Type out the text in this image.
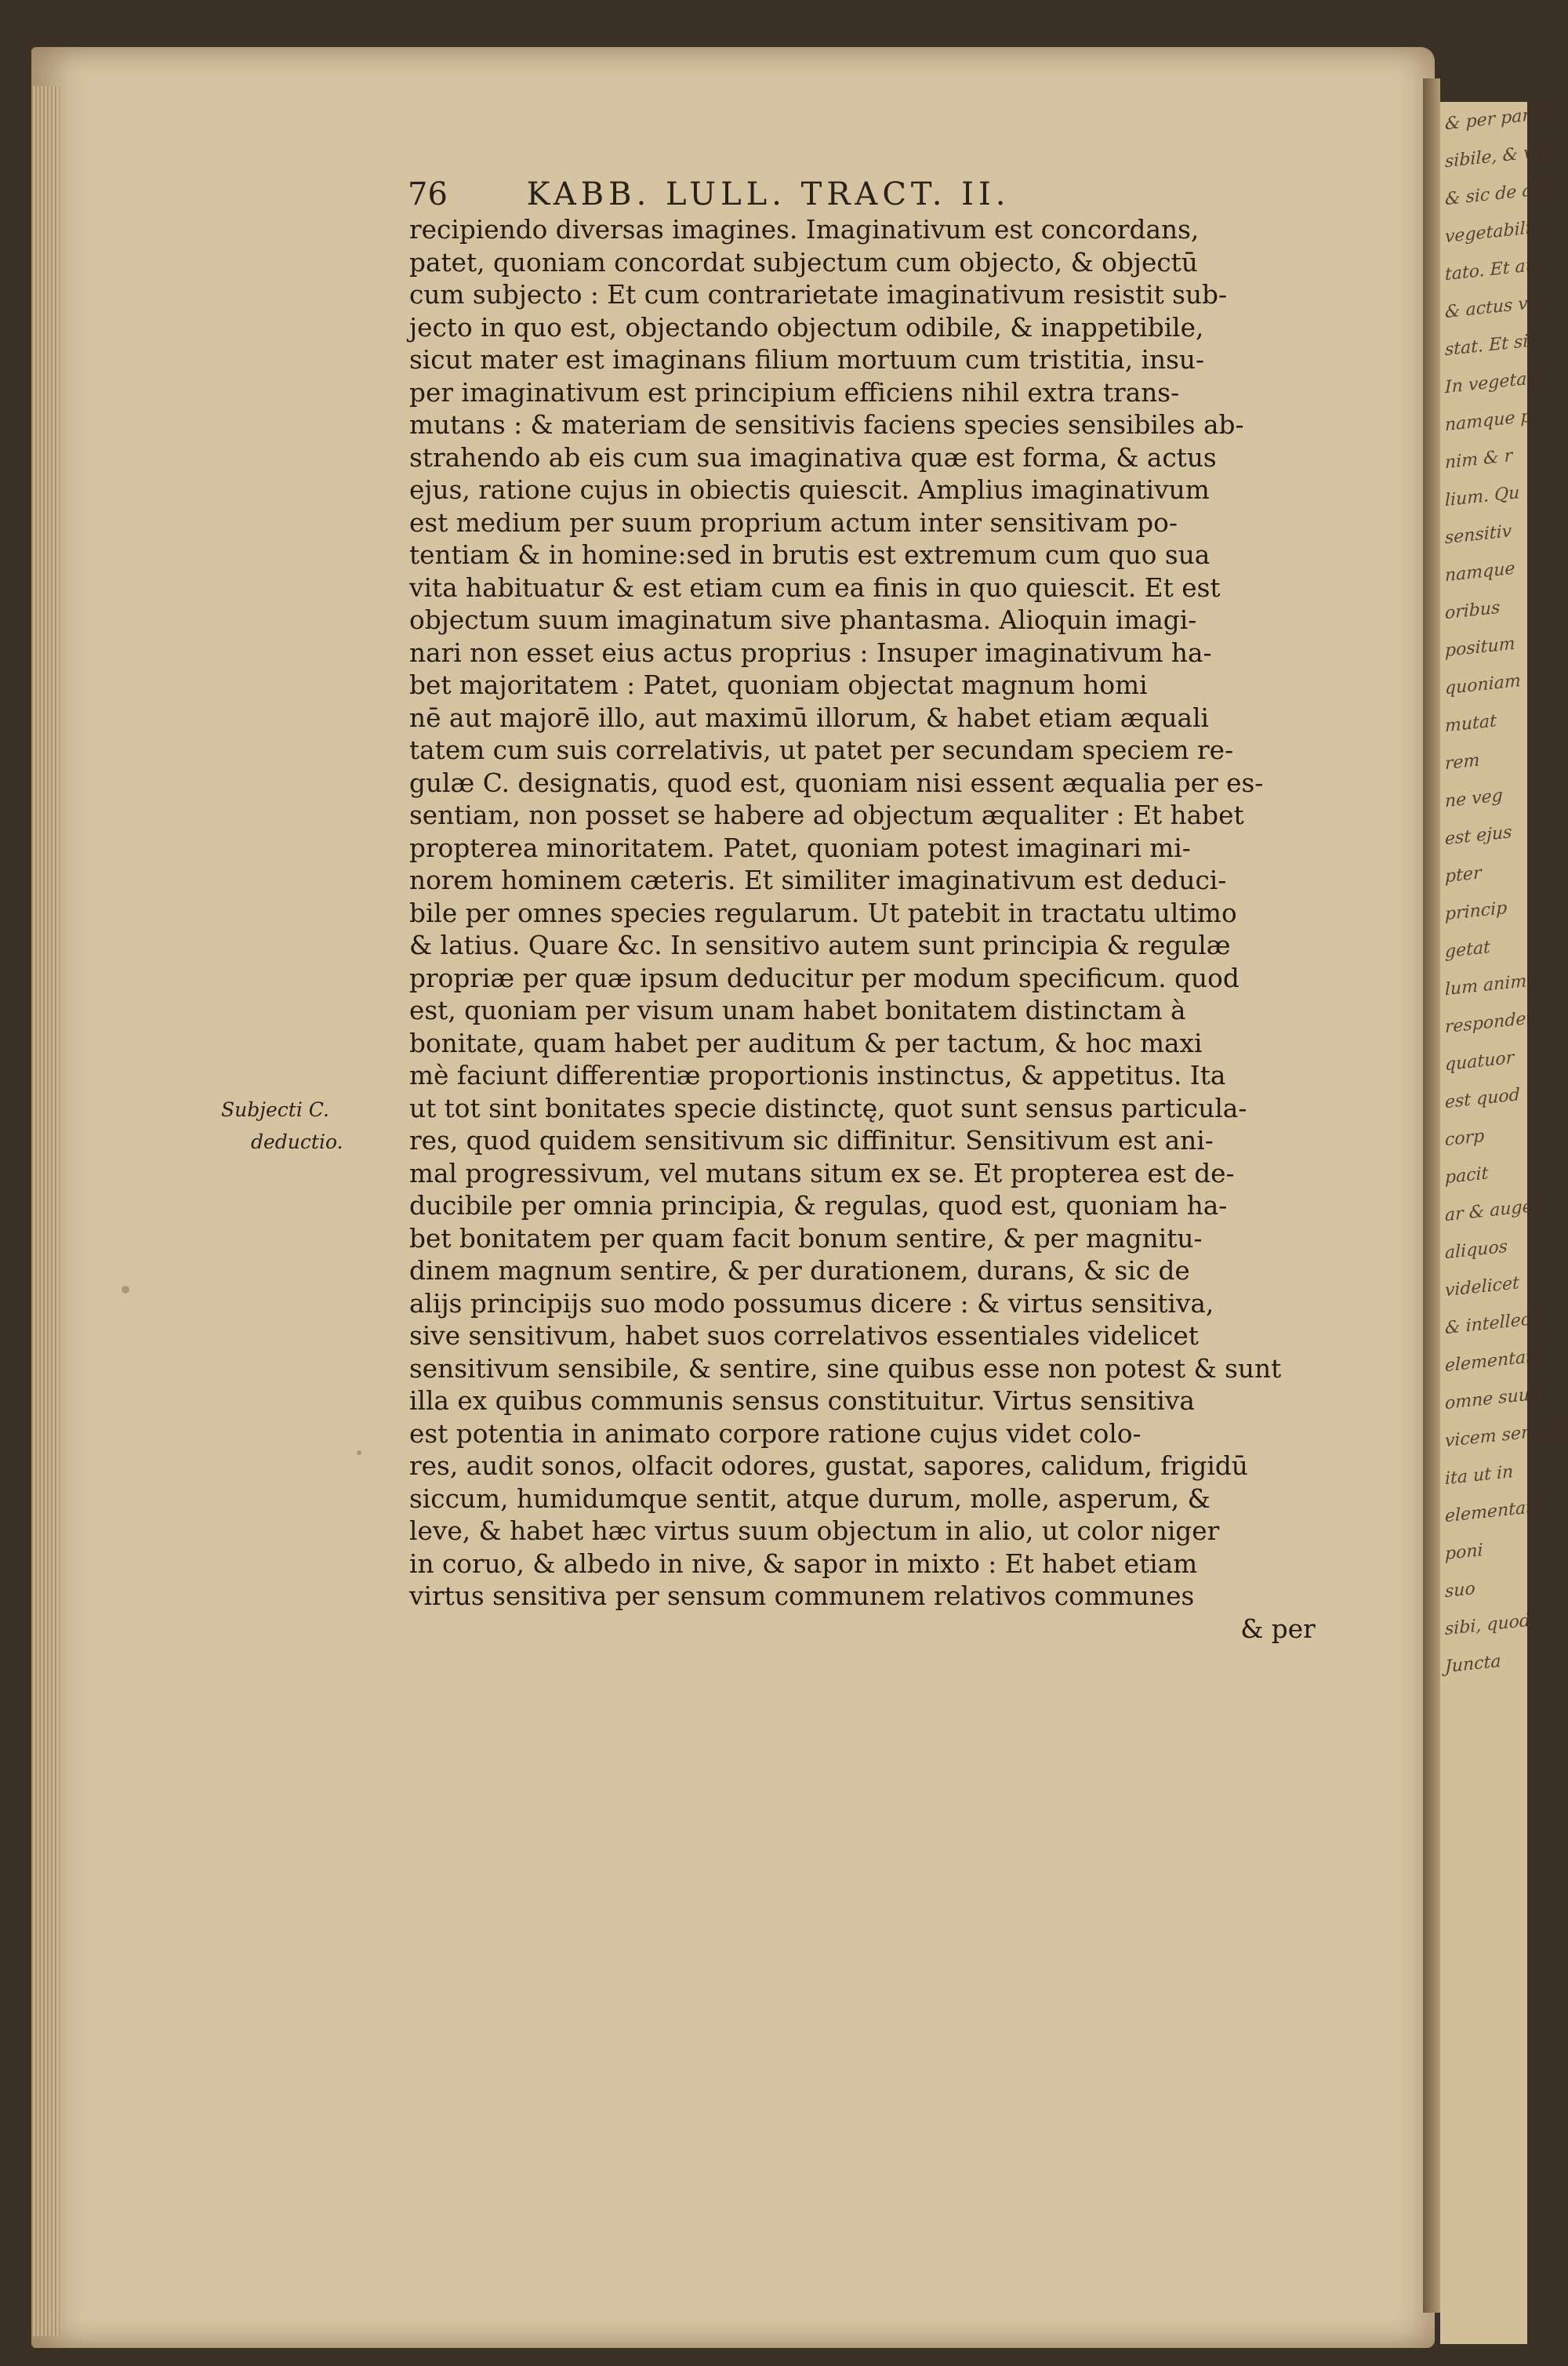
& per partic
sibile, & vide
& sic de alij
vegetabilio
tato. Et au
& actus vi
stat. Et si
In vegetati
namque p
nim & r
lium. Qu
sensitiv
namque
oribus
positum
quoniam
mutat
rem
ne veg
est ejus
pter
princip
getat
lum anim
respondet
quatuor
est quod
corp
pacit
ar & auget
aliquos
videlicet
& intellect
elementato
omne suum
vicem sensum
ita ut in
elementato
poni
suo
sibi, quod
Juncta
76	KABB. LULL. TRACT. II.
Subjecti C.
deductio.
recipiendo diversas imagines. Imaginativum est concordans,
patet, quoniam concordat subjectum cum objecto, & objectū
cum subjecto : Et cum contrarietate imaginativum resistit sub-
jecto in quo est, objectando objectum odibile, & inappetibile,
sicut mater est imaginans filium mortuum cum tristitia, insu-
per imaginativum est principium efficiens nihil extra trans-
mutans : & materiam de sensitivis faciens species sensibiles ab-
strahendo ab eis cum sua imaginativa quæ est forma, & actus
ejus, ratione cujus in obiectis quiescit. Amplius imaginativum
est medium per suum proprium actum inter sensitivam po-
tentiam & in homine:sed in brutis est extremum cum quo sua
vita habituatur & est etiam cum ea finis in quo quiescit. Et est
objectum suum imaginatum sive phantasma. Alioquin imagi-
nari non esset eius actus proprius : Insuper imaginativum ha-
bet majoritatem : Patet, quoniam objectat magnum homi
nē aut majorē illo, aut maximū illorum, & habet etiam æquali
tatem cum suis correlativis, ut patet per secundam speciem re-
gulæ C. designatis, quod est, quoniam nisi essent æqualia per es-
sentiam, non posset se habere ad objectum æqualiter : Et habet
propterea minoritatem. Patet, quoniam potest imaginari mi-
norem hominem cæteris. Et similiter imaginativum est deduci-
bile per omnes species regularum. Ut patebit in tractatu ultimo
& latius. Quare &c. In sensitivo autem sunt principia & regulæ
propriæ per quæ ipsum deducitur per modum specificum. quod
est, quoniam per visum unam habet bonitatem distinctam à
bonitate, quam habet per auditum & per tactum, & hoc maxi
mè faciunt differentiæ proportionis instinctus, & appetitus. Ita
ut tot sint bonitates specie distinctę, quot sunt sensus particula-
res, quod quidem sensitivum sic diffinitur. Sensitivum est ani-
mal progressivum, vel mutans situm ex se. Et propterea est de-
ducibile per omnia principia, & regulas, quod est, quoniam ha-
bet bonitatem per quam facit bonum sentire, & per magnitu-
dinem magnum sentire, & per durationem, durans, & sic de
alijs principijs suo modo possumus dicere : & virtus sensitiva,
sive sensitivum, habet suos correlativos essentiales videlicet
sensitivum sensibile, & sentire, sine quibus esse non potest & sunt
illa ex quibus communis sensus constituitur. Virtus sensitiva
est potentia in animato corpore ratione cujus videt colo-
res, audit sonos, olfacit odores, gustat, sapores, calidum, frigidū
siccum, humidumque sentit, atque durum, molle, asperum, &
leve, & habet hæc virtus suum objectum in alio, ut color niger
in coruo, & albedo in nive, & sapor in mixto : Et habet etiam
virtus sensitiva per sensum communem relativos communes
& per
